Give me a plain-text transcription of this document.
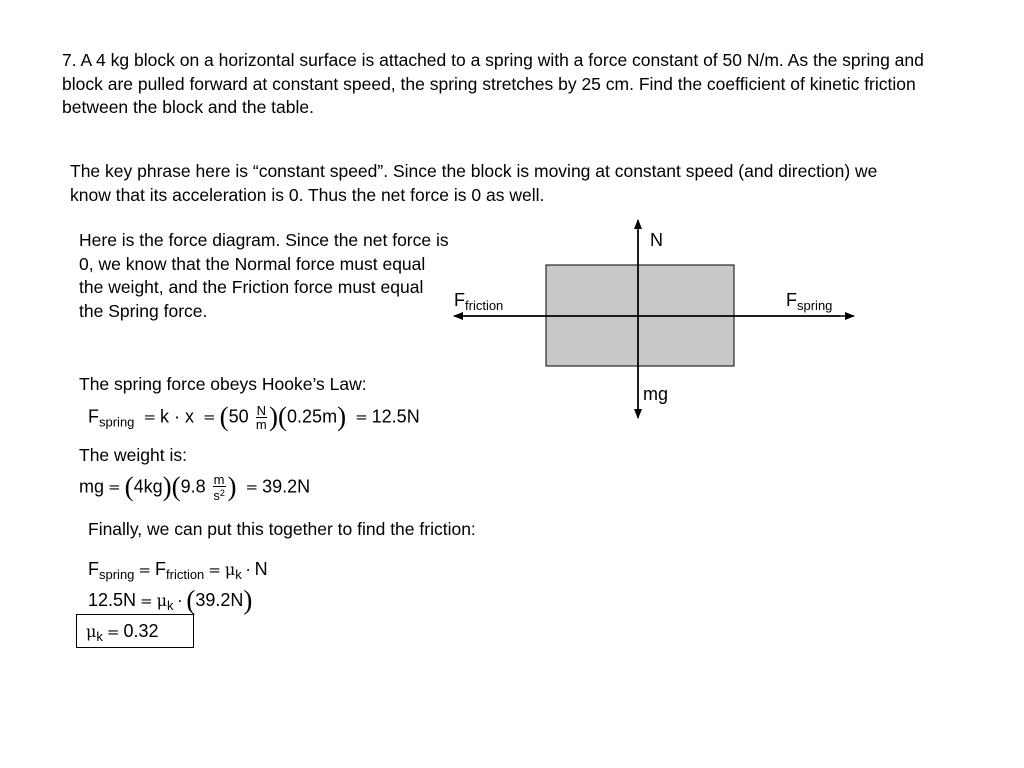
7. A 4 kg block on a horizontal surface is attached to a spring with a force constant of 50 N/m. As the spring and block are pulled forward at constant speed, the spring stretches by 25 cm. Find the coefficient of kinetic friction between the block and the table.
The key phrase here is “constant speed”. Since the block is moving at constant speed (and direction) we know that its acceleration is 0. Thus the net force is 0 as well.
Here is the force diagram. Since the net force is 0, we know that the Normal force must equal the weight, and the Friction force must equal the Spring force.
N
mg
$F_{friction}$	$F_{spring}$
The spring force obeys Hooke’s Law:
$F_{spring} = k \cdot x = (50 \frac{N}{m} )(0.25m) = 12.5N$
The weight is:
mg = $(4kg)(9.8 \frac{m}{s^2}$ ) = 39.2N
Finally, we can put this together to find the friction:
$F_{spring} = F_{friction} = \mu_k \cdot N$
$12.5N = \mu_k \cdot (39.2N)$
$\mu_k = 0.32$
